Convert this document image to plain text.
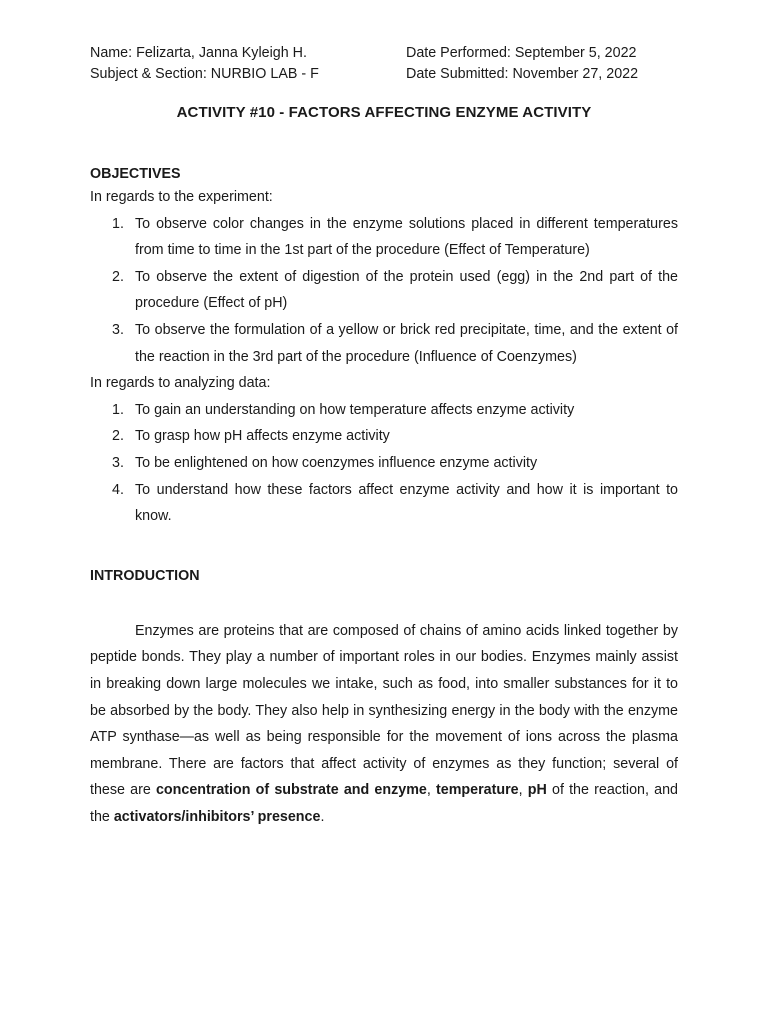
Name: Felizarta, Janna Kyleigh H.	Date Performed: September 5, 2022
Subject & Section: NURBIO LAB - F	Date Submitted: November 27, 2022
ACTIVITY #10 - FACTORS AFFECTING ENZYME ACTIVITY
OBJECTIVES
In regards to the experiment:
1. To observe color changes in the enzyme solutions placed in different temperatures from time to time in the 1st part of the procedure (Effect of Temperature)
2. To observe the extent of digestion of the protein used (egg) in the 2nd part of the procedure (Effect of pH)
3. To observe the formulation of a yellow or brick red precipitate, time, and the extent of the reaction in the 3rd part of the procedure (Influence of Coenzymes)
In regards to analyzing data:
1. To gain an understanding on how temperature affects enzyme activity
2. To grasp how pH affects enzyme activity
3. To be enlightened on how coenzymes influence enzyme activity
4. To understand how these factors affect enzyme activity and how it is important to know.
INTRODUCTION

Enzymes are proteins that are composed of chains of amino acids linked together by peptide bonds. They play a number of important roles in our bodies. Enzymes mainly assist in breaking down large molecules we intake, such as food, into smaller substances for it to be absorbed by the body. They also help in synthesizing energy in the body with the enzyme ATP synthase—as well as being responsible for the movement of ions across the plasma membrane. There are factors that affect activity of enzymes as they function; several of these are concentration of substrate and enzyme, temperature, pH of the reaction, and the activators/inhibitors’ presence.
